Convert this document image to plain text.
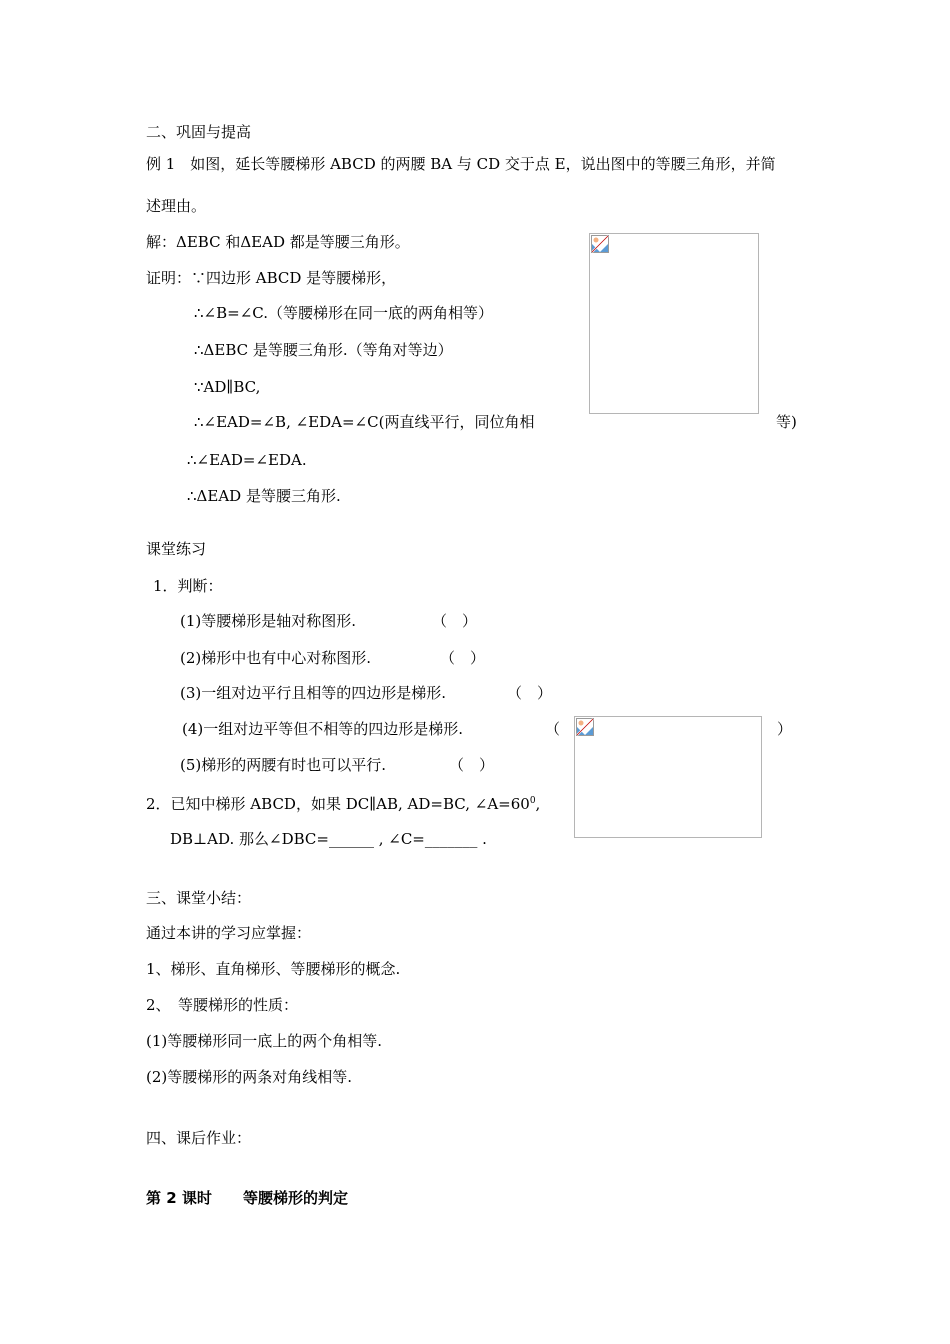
二、巩固与提高
例 1　如图，延长等腰梯形 ABCD 的两腰 BA 与 CD 交于点 E，说出图中的等腰三角形，并简
述理由。
解：ΔEBC 和ΔEAD 都是等腰三角形。
证明：∵四边形 ABCD 是等腰梯形，
∴∠B=∠C.（等腰梯形在同一底的两角相等）
∴ΔEBC 是等腰三角形.（等角对等边）
∵AD∥BC,
∴∠EAD=∠B, ∠EDA=∠C(两直线平行，同位角相	等)
∴∠EAD=∠EDA.
∴ΔEAD 是等腰三角形.
课堂练习
1．判断：
(1)等腰梯形是轴对称图形.	（　）
(2)梯形中也有中心对称图形.	（　）
(3)一组对边平行且相等的四边形是梯形.	（　）
(4)一组对边平等但不相等的四边形是梯形.	（	）
(5)梯形的两腰有时也可以平行.	（　）
2．已知中梯形 ABCD，如果 DC∥AB, AD=BC, $\angle A=60^0$,
DB⊥AD. 那么∠DBC=______ , ∠C=_______ .
三、课堂小结：
通过本讲的学习应掌握：
1、梯形、直角梯形、等腰梯形的概念.
2、　等腰梯形的性质：
(1)等腰梯形同一底上的两个角相等.
(2)等腰梯形的两条对角线相等.
四、课后作业：
第 2 课时 等腰梯形的判定
